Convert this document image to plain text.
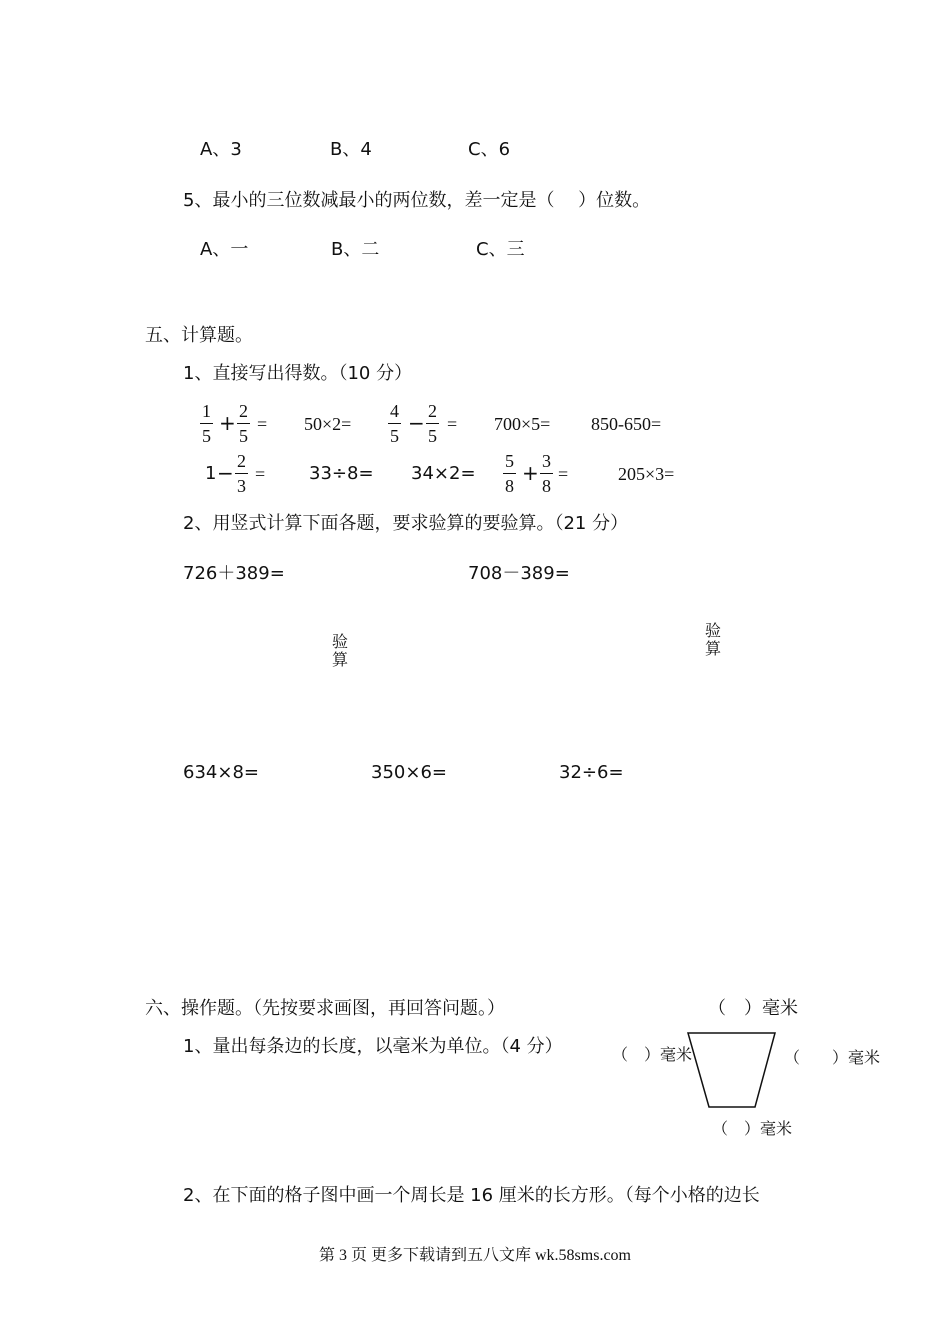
A、3	B、4	C、6
5、最小的三位数减最小的两位数，差一定是（　 ）位数。
A、一	B、二	C、三
五、计算题。
1、直接写出得数。（10 分）
$\frac{1}{5} + \frac{2}{5} = 50\times 2= \frac{4}{5} - \frac{2}{5} = 700\times 5= 850-650=$
$1 - \frac{2}{3} = 33\div 8= 34\times 2= \frac{5}{8} + \frac{3}{8}$ =	205×3=
2、用竖式计算下面各题，要求验算的要验算。（21 分）
726＋389=	708－389=
验算
验算
634×8=	350×6=	32÷6=
六、操作题。（先按要求画图，再回答问题。）	（　）毫米
1、量出每条边的长度，以毫米为单位。（4 分）	（　）毫米	（　　）毫米
（　）毫米
2、在下面的格子图中画一个周长是 16 厘米的长方形。（每个小格的边长
第 3 页 更多下载请到五八文库 wk.58sms.com
